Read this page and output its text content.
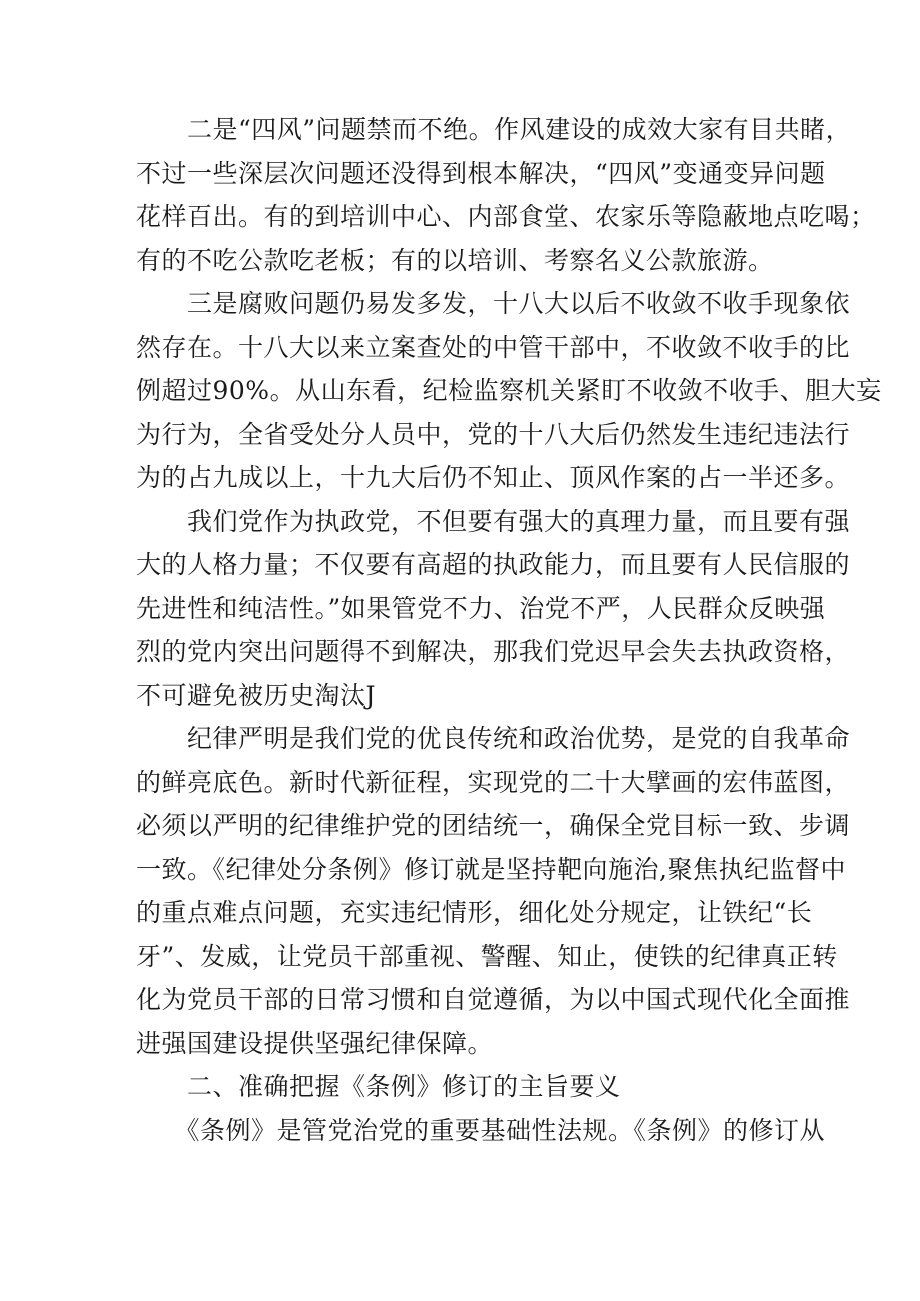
　　二是“四风”问题禁而不绝。作风建设的成效大家有目共睹，
不过一些深层次问题还没得到根本解决，“四风”变通变异问题
花样百出。有的到培训中心、内部食堂、农家乐等隐蔽地点吃喝；
有的不吃公款吃老板；有的以培训、考察名义公款旅游。
　　三是腐败问题仍易发多发，十八大以后不收敛不收手现象依
然存在。十八大以来立案查处的中管干部中，不收敛不收手的比
例超过90%。从山东看，纪检监察机关紧盯不收敛不收手、胆大妄
为行为，全省受处分人员中，党的十八大后仍然发生违纪违法行
为的占九成以上，十九大后仍不知止、顶风作案的占一半还多。
　　我们党作为执政党，不但要有强大的真理力量，而且要有强
大的人格力量；不仅要有高超的执政能力，而且要有人民信服的
先进性和纯洁性。”如果管党不力、治党不严，人民群众反映强
烈的党内突出问题得不到解决，那我们党迟早会失去执政资格，
不可避免被历史淘汰J
　　纪律严明是我们党的优良传统和政治优势，是党的自我革命
的鲜亮底色。新时代新征程，实现党的二十大擘画的宏伟蓝图，
必须以严明的纪律维护党的团结统一，确保全党目标一致、步调
一致。《纪律处分条例》修订就是坚持靶向施治,聚焦执纪监督中
的重点难点问题，充实违纪情形，细化处分规定，让铁纪“长
牙”、发威，让党员干部重视、警醒、知止，使铁的纪律真正转
化为党员干部的日常习惯和自觉遵循，为以中国式现代化全面推
进强国建设提供坚强纪律保障。
　　二、准确把握《条例》修订的主旨要义
　　《条例》是管党治党的重要基础性法规。《条例》的修订从
